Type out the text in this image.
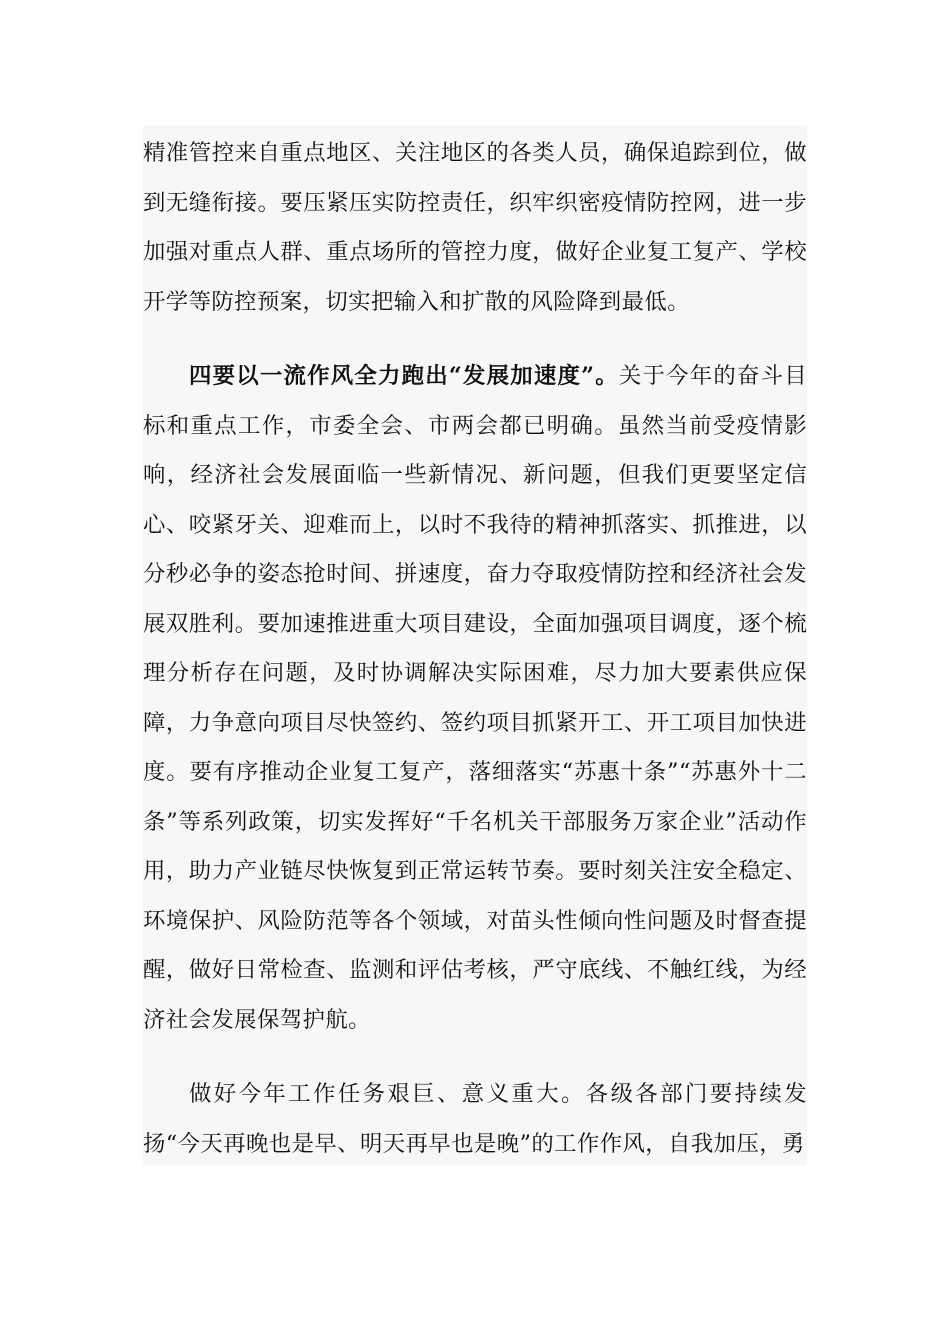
精准管控来自重点地区、关注地区的各类人员，确保追踪到位，做到无缝衔接。要压紧压实防控责任，织牢织密疫情防控网，进一步加强对重点人群、重点场所的管控力度，做好企业复工复产、学校开学等防控预案，切实把输入和扩散的风险降到最低。

四要以一流作风全力跑出“发展加速度”。关于今年的奋斗目标和重点工作，市委全会、市两会都已明确。虽然当前受疫情影响，经济社会发展面临一些新情况、新问题，但我们更要坚定信心、咬紧牙关、迎难而上，以时不我待的精神抓落实、抓推进，以分秒必争的姿态抢时间、拼速度，奋力夺取疫情防控和经济社会发展双胜利。要加速推进重大项目建设，全面加强项目调度，逐个梳理分析存在问题，及时协调解决实际困难，尽力加大要素供应保障，力争意向项目尽快签约、签约项目抓紧开工、开工项目加快进度。要有序推动企业复工复产，落细落实“苏惠十条”“苏惠外十二条”等系列政策，切实发挥好“千名机关干部服务万家企业”活动作用，助力产业链尽快恢复到正常运转节奏。要时刻关注安全稳定、环境保护、风险防范等各个领域，对苗头性倾向性问题及时督查提醒，做好日常检查、监测和评估考核，严守底线、不触红线，为经济社会发展保驾护航。

做好今年工作任务艰巨、意义重大。各级各部门要持续发扬“今天再晚也是早、明天再早也是晚”的工作作风，自我加压，勇
